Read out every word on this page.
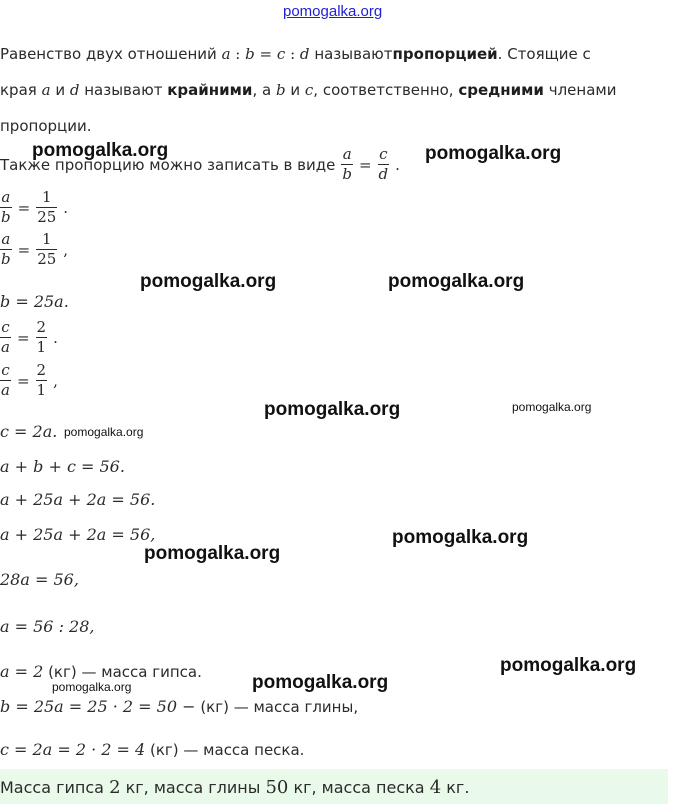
pomogalka.org
Равенство двух отношений a : b = c : d называютпропорцией. Стоящие с
края a и d называют крайними, а b и c, соответственно, средними членами
пропорции.
Также пропорцию можно записать в виде $\frac{a}{b} = \frac{c}{d}$ .
$\frac{a}{b} = \frac{1}{25}$ .
$\frac{a}{b} = \frac{1}{25}$ ,
b = 25a.
$\frac{c}{a} = \frac{2}{1}$ .
$\frac{c}{a} = \frac{2}{1}$ ,
c = 2a.
a + b + c = 56.
a + 25a + 2a = 56.
a + 25a + 2a = 56,
28a = 56,
a = 56 : 28,
a = 2 (кг) — масса гипса.
b = 25a = 25 · 2 = 50 − (кг) — масса глины,
c = 2a = 2 · 2 = 4 (кг) — масса песка.
Масса гипса 2 кг, масса глины 50 кг, масса песка 4 кг.
pomogalka.org	pomogalka.org
pomogalka.org	pomogalka.org
pomogalka.org	pomogalka.org
pomogalka.org
pomogalka.org
pomogalka.org
pomogalka.org
pomogalka.org
pomogalka.org
